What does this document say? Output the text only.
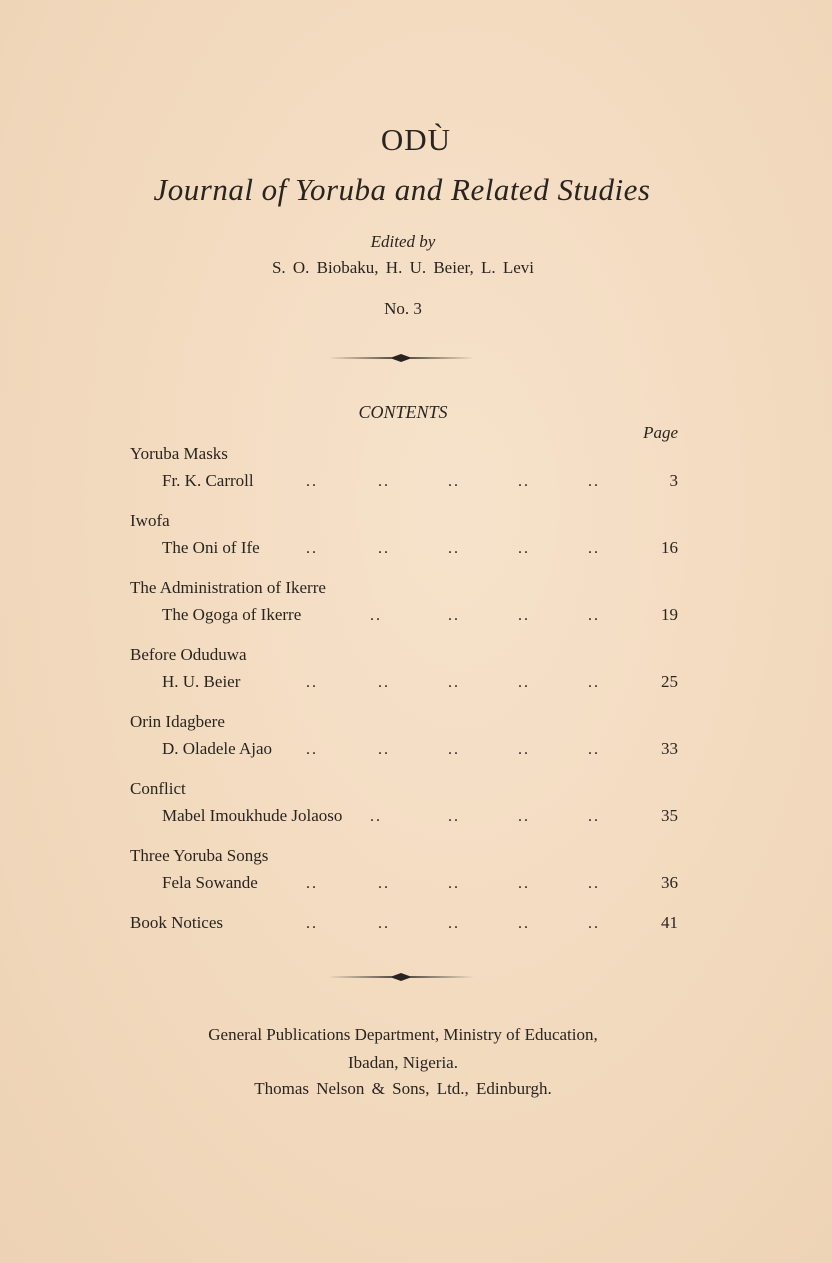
ODÙ
Journal of Yoruba and Related Studies
Edited by
S. O. Biobaku, H. U. Beier, L. Levi
No. 3
CONTENTS
Page
Yoruba Masks
Fr. K. Carroll	..	..	..	..	..	3
Iwofa
The Oni of Ife	..	..	..	..	..	16
The Administration of Ikerre
The Ogoga of Ikerre	..	..	..	..	19
Before Oduduwa
H. U. Beier	..	..	..	..	..	25
Orin Idagbere
D. Oladele Ajao ..	..	..	..	..	33
Conflict
Mabel Imoukhude Jolaoso ..	..	..	..	35
Three Yoruba Songs
Fela Sowande	..	..	..	..	..	36
Book Notices	..	..	..	..	..	41
General Publications Department, Ministry of Education,
Ibadan, Nigeria.
Thomas Nelson & Sons, Ltd., Edinburgh.
